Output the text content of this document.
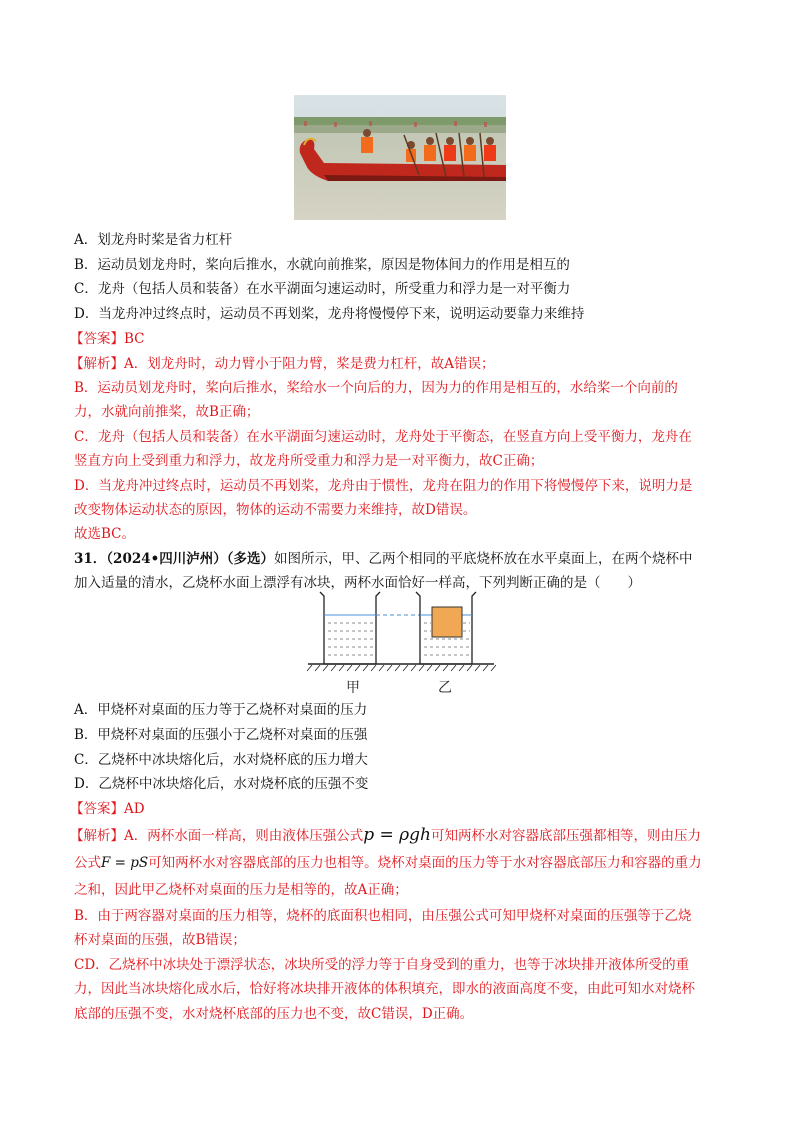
A．划龙舟时桨是省力杠杆
B．运动员划龙舟时，桨向后推水，水就向前推桨，原因是物体间力的作用是相互的
C．龙舟（包括人员和装备）在水平湖面匀速运动时，所受重力和浮力是一对平衡力
D．当龙舟冲过终点时，运动员不再划桨，龙舟将慢慢停下来，说明运动要靠力来维持
【答案】BC
【解析】A．划龙舟时，动力臂小于阻力臂，桨是费力杠杆，故A错误；
B．运动员划龙舟时，桨向后推水，桨给水一个向后的力，因为力的作用是相互的，水给桨一个向前的
力，水就向前推桨，故B正确；
C．龙舟（包括人员和装备）在水平湖面匀速运动时，龙舟处于平衡态，在竖直方向上受平衡力，龙舟在
竖直方向上受到重力和浮力，故龙舟所受重力和浮力是一对平衡力，故C正确；
D．当龙舟冲过终点时，运动员不再划桨，龙舟由于惯性，龙舟在阻力的作用下将慢慢停下来，说明力是
改变物体运动状态的原因，物体的运动不需要力来维持，故D错误。
故选BC。
31．（2024•四川泸州）（多选）如图所示，甲、乙两个相同的平底烧杯放在水平桌面上，在两个烧杯中
加入适量的清水，乙烧杯水面上漂浮有冰块，两杯水面恰好一样高，下列判断正确的是（　　）
甲	乙
A．甲烧杯对桌面的压力等于乙烧杯对桌面的压力
B．甲烧杯对桌面的压强小于乙烧杯对桌面的压强
C．乙烧杯中冰块熔化后，水对烧杯底的压力增大
D．乙烧杯中冰块熔化后，水对烧杯底的压强不变
【答案】AD
【解析】A．两杯水面一样高，则由液体压强公式p = ρgh可知两杯水对容器底部压强都相等，则由压力
公式F = pS可知两杯水对容器底部的压力也相等。烧杯对桌面的压力等于水对容器底部压力和容器的重力
之和，因此甲乙烧杯对桌面的压力是相等的，故A正确；
B．由于两容器对桌面的压力相等，烧杯的底面积也相同，由压强公式可知甲烧杯对桌面的压强等于乙烧
杯对桌面的压强，故B错误；
CD．乙烧杯中冰块处于漂浮状态，冰块所受的浮力等于自身受到的重力，也等于冰块排开液体所受的重
力，因此当冰块熔化成水后，恰好将冰块排开液体的体积填充，即水的液面高度不变，由此可知水对烧杯
底部的压强不变，水对烧杯底部的压力也不变，故C错误，D正确。
